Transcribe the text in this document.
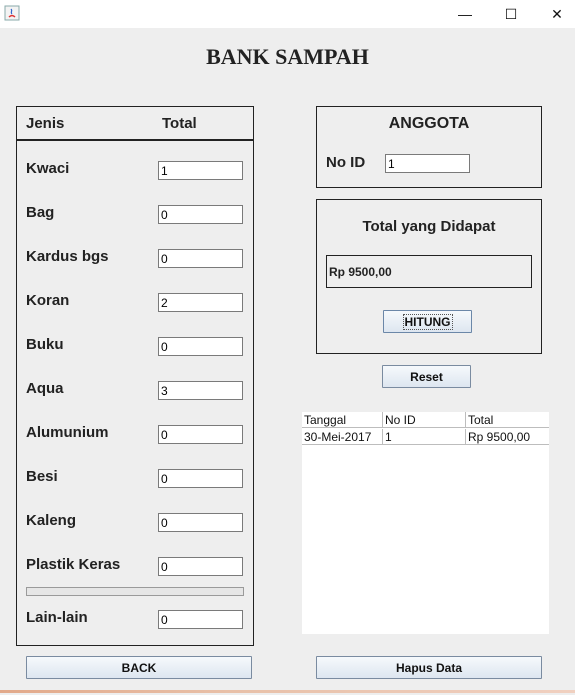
—	☐	✕
BANK SAMPAH
Jenis	Total
Kwaci	1
Bag	0
Kardus bgs	0
Koran	2
Buku	0
Aqua	3
Alumunium	0
Besi	0
Kaleng	0
Plastik Keras	0
Lain-lain	0
ANGGOTA
No ID 1
Total yang Didapat
Rp 9500,00
HITUNG
Reset
Tanggal	No ID	Total
30-Mei-2017	1	Rp 9500,00
BACK	Hapus Data
